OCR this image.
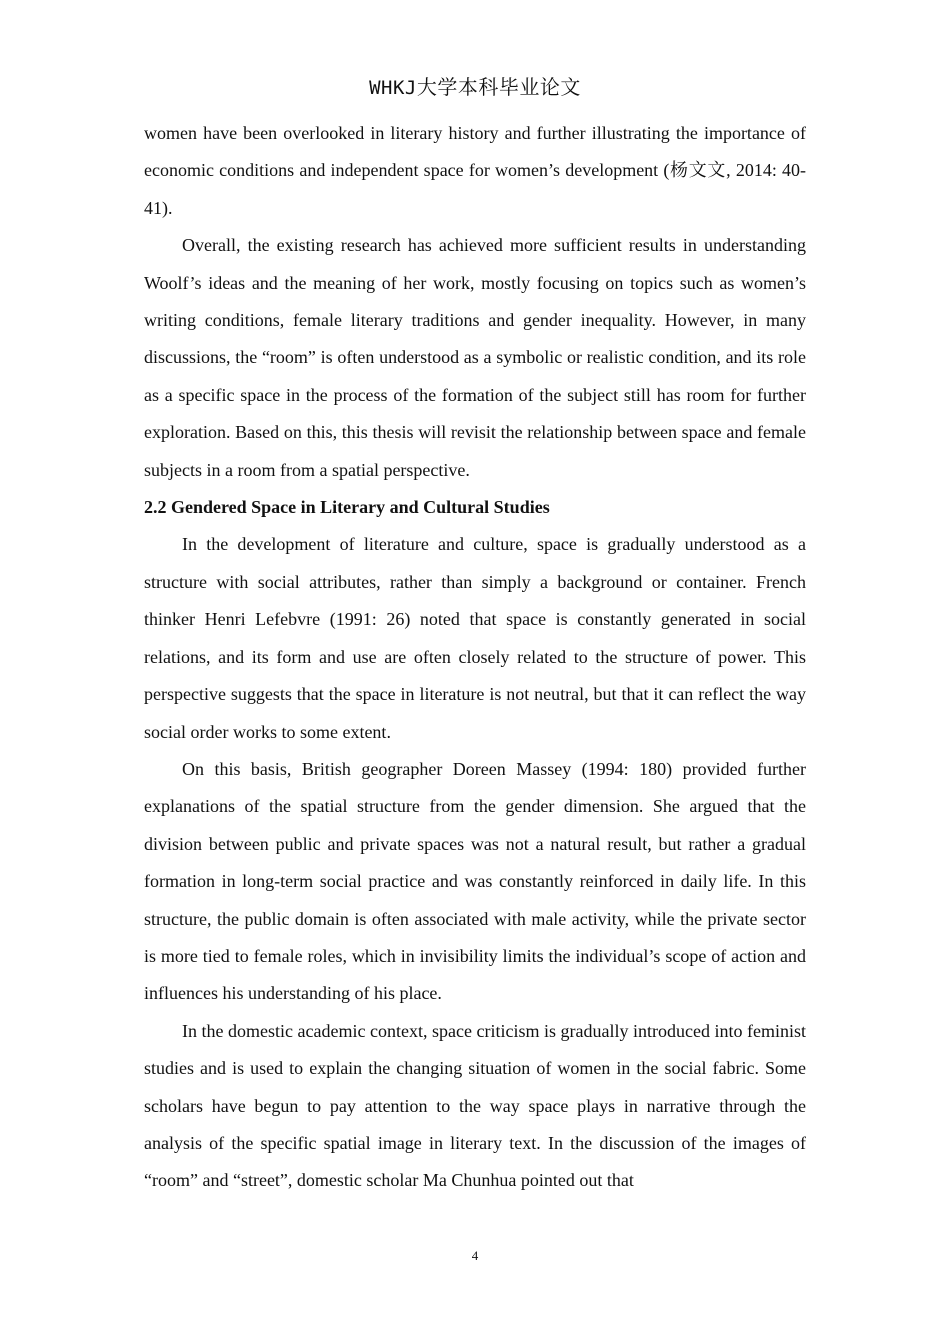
WHKJ大学本科毕业论文

women have been overlooked in literary history and further illustrating the importance of economic conditions and independent space for women’s development (杨文文, 2014: 40-41).

Overall, the existing research has achieved more sufficient results in understanding Woolf’s ideas and the meaning of her work, mostly focusing on topics such as women’s writing conditions, female literary traditions and gender inequality. However, in many discussions, the “room” is often understood as a symbolic or realistic condition, and its role as a specific space in the process of the formation of the subject still has room for further exploration. Based on this, this thesis will revisit the relationship between space and female subjects in a room from a spatial perspective.

2.2 Gendered Space in Literary and Cultural Studies

In the development of literature and culture, space is gradually understood as a structure with social attributes, rather than simply a background or container. French thinker Henri Lefebvre (1991: 26) noted that space is constantly generated in social relations, and its form and use are often closely related to the structure of power. This perspective suggests that the space in literature is not neutral, but that it can reflect the way social order works to some extent.

On this basis, British geographer Doreen Massey (1994: 180) provided further explanations of the spatial structure from the gender dimension. She argued that the division between public and private spaces was not a natural result, but rather a gradual formation in long-term social practice and was constantly reinforced in daily life. In this structure, the public domain is often associated with male activity, while the private sector is more tied to female roles, which in invisibility limits the individual’s scope of action and influences his understanding of his place.

In the domestic academic context, space criticism is gradually introduced into feminist studies and is used to explain the changing situation of women in the social fabric. Some scholars have begun to pay attention to the way space plays in narrative through the analysis of the specific spatial image in literary text. In the discussion of the images of “room” and “street”, domestic scholar Ma Chunhua pointed out that

4
